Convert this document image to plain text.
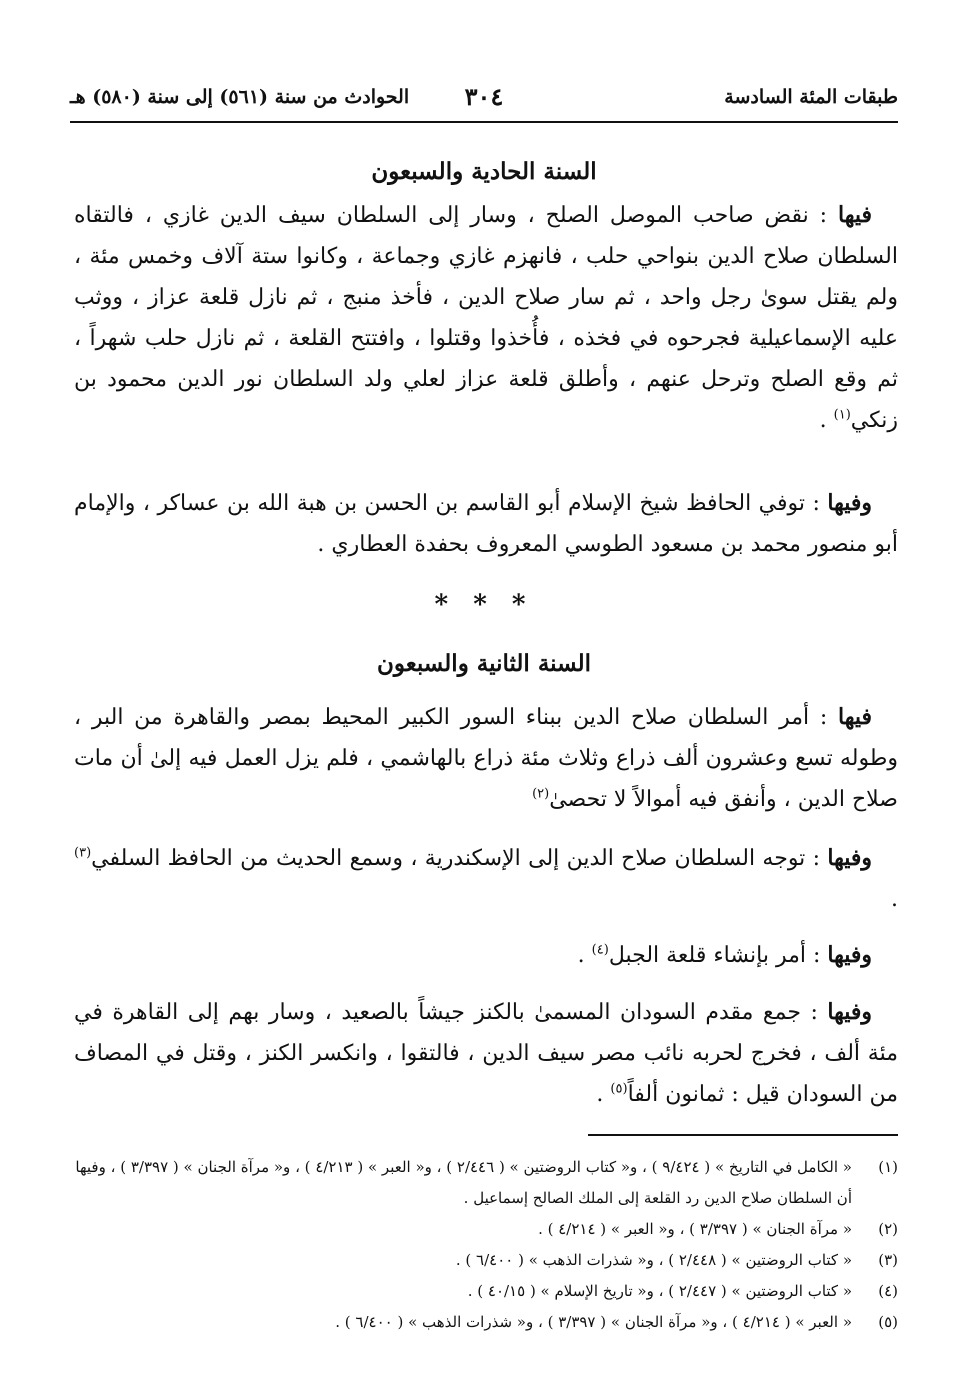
طبقات المئة السادسة
٣٠٤
الحوادث من سنة (٥٦١) إلى سنة (٥٨٠) هـ
السنة الحادية والسبعون

فيها : نقض صاحب الموصل الصلح ، وسار إلى السلطان سيف الدين غازي ، فالتقاه السلطان صلاح الدين بنواحي حلب ، فانهزم غازي وجماعة ، وكانوا ستة آلاف وخمس مئة ، ولم يقتل سوىٰ رجل واحد ، ثم سار صلاح الدين ، فأخذ منبج ، ثم نازل قلعة عزاز ، ووثب عليه الإسماعيلية فجرحوه في فخذه ، فأُخذوا وقتلوا ، وافتتح القلعة ، ثم نازل حلب شهراً ، ثم وقع الصلح وترحل عنهم ، وأطلق قلعة عزاز لعلي ولد السلطان نور الدين محمود بن زنكي$^{(١)}$ .

وفيها : توفي الحافظ شيخ الإسلام أبو القاسم بن الحسن بن هبة الله بن عساكر ، والإمام أبو منصور محمد بن مسعود الطوسي المعروف بحفدة العطاري .

* * *
السنة الثانية والسبعون

فيها : أمر السلطان صلاح الدين ببناء السور الكبير المحيط بمصر والقاهرة من البر ، وطوله تسع وعشرون ألف ذراع وثلاث مئة ذراع بالهاشمي ، فلم يزل العمل فيه إلىٰ أن مات صلاح الدين ، وأنفق فيه أموالاً لا تحصىٰ$^{(٢)}$

وفيها : توجه السلطان صلاح الدين إلى الإسكندرية ، وسمع الحديث من الحافظ السلفي$^{(٣)}$ .

وفيها : أمر بإنشاء قلعة الجبل$^{(٤)}$ .

وفيها : جمع مقدم السودان المسمىٰ بالكنز جيشاً بالصعيد ، وسار بهم إلى القاهرة في مئة ألف ، فخرج لحربه نائب مصر سيف الدين ، فالتقوا ، وانكسر الكنز ، وقتل في المصاف من السودان قيل : ثمانون ألفاً$^{(٥)}$ .

(١)
« الكامل في التاريخ » ( ٩/٤٢٤ ) ، و« كتاب الروضتين » ( ٢/٤٤٦ ) ، و« العبر » ( ٤/٢١٣ ) ، و« مرآة الجنان » ( ٣/٣٩٧ ) ، وفيها أن السلطان صلاح الدين رد القلعة إلى الملك الصالح إسماعيل .
(٢)
« مرآة الجنان » ( ٣/٣٩٧ ) ، و« العبر » ( ٤/٢١٤ ) .
(٣)
« كتاب الروضتين » ( ٢/٤٤٨ ) ، و« شذرات الذهب » ( ٦/٤٠٠ ) .
(٤)
« كتاب الروضتين » ( ٢/٤٤٧ ) ، و« تاريخ الإسلام » ( ٤٠/١٥ ) .
(٥)
« العبر » ( ٤/٢١٤ ) ، و« مرآة الجنان » ( ٣/٣٩٧ ) ، و« شذرات الذهب » ( ٦/٤٠٠ ) .
